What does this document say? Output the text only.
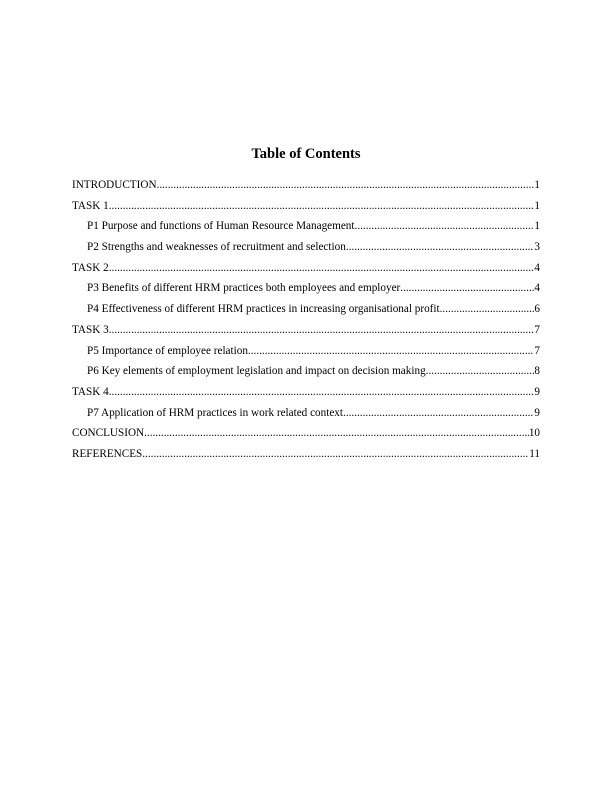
Table of Contents
INTRODUCTION .....	1
TASK 1 .....	1
P1 Purpose and functions of Human Resource Management .....	1
P2 Strengths and weaknesses of recruitment and selection .....	3
TASK 2 .....	4
P3 Benefits of different HRM practices both employees and employer .....	4
P4 Effectiveness of different HRM practices in increasing organisational profit .....	6
TASK 3 .....	7
P5 Importance of employee relation .....	7
P6 Key elements of employment legislation and impact on decision making .....	8
TASK 4 .....	9
P7 Application of HRM practices in work related context .....	9
CONCLUSION .....	10
REFERENCES .....	11
